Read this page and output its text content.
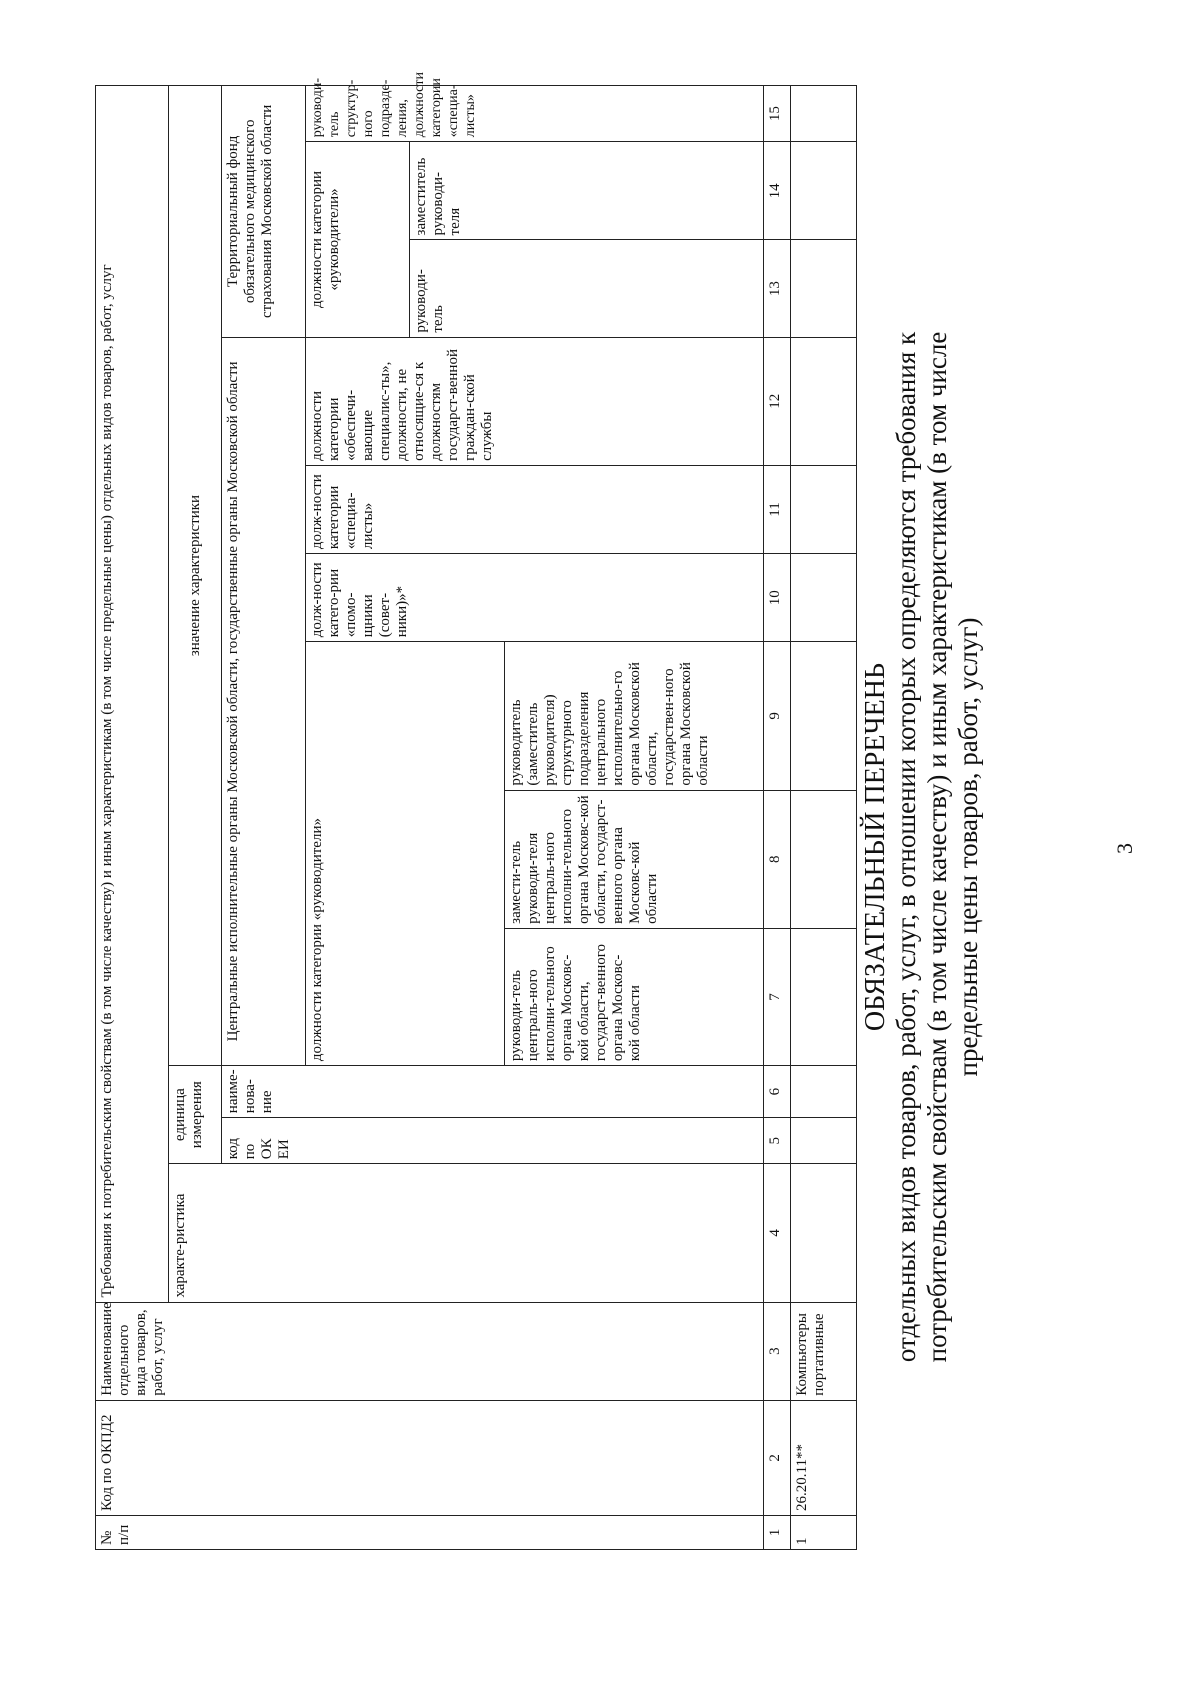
3
ОБЯЗАТЕЛЬНЫЙ ПЕРЕЧЕНЬ отдельных видов товаров, работ, услуг, в отношении которых определяются требования к потребительским свойствам (в том числе качеству) и иным характеристикам (в том числе предельные цены товаров, работ, услуг)
№ п/п	Код по ОКПД2	Наименование отдельного вида товаров, работ, услуг	Требования к потребительским свойствам (в том числе качеству) и иным характеристикам (в том числе предельные цены) отдельных видов товаров, работ, услуг											
			характе-ристика	единица измерения		значение характеристики								
				код по ОК ЕИ	наиме-нова-ние	Центральные исполнительные органы Московской области, государственные органы Московской области						Территориальный фонд обязательного медицинского страхования Московской области		
						должности категории «руководители»			долж-ности катего-рии «помо-щники (совет-ники)»*	долж-ности категории «специа-листы»	должности категории «обеспечи-вающие специалис-ты», должности, не относящие-ся к должностям государст-венной граждан-ской службы	должности категории «руководители»		руководи-тель структур-ного подразде-ления, должности категории «специа-листы»
												руководи-тель	заместитель руководи-теля	
						руководи-тель централь-ного исполни-тельного органа Московс-кой области, государст-венного органа Московс-кой области	замести-тель руководи-теля централь-ного исполни-тельного органа Московс-кой области, государст-венного органа Московс-кой области	руководитель (заместитель руководителя) структурного подразделения центрального исполнительно-го органа Московской области, государствен-ного органа Московской области						
1	2	3	4	5	6	7	8	9	10	11	12	13	14	15
1	26.20.11**	Компьютеры портативные												
